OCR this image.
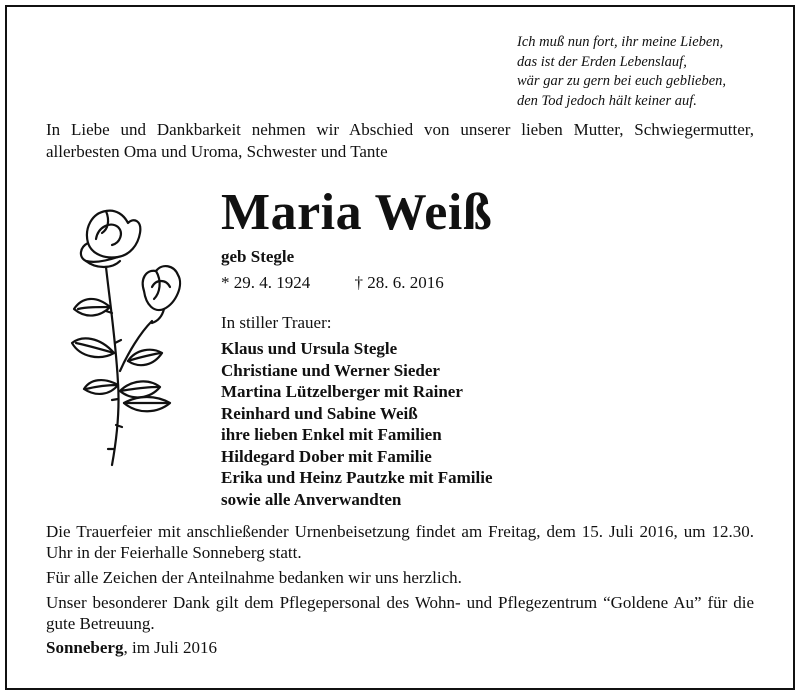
Ich muß nun fort, ihr meine Lieben,
das ist der Erden Lebenslauf,
wär gar zu gern bei euch geblieben,
den Tod jedoch hält keiner auf.
In Liebe und Dankbarkeit nehmen wir Abschied von unserer lieben Mutter, Schwiegermutter, allerbesten Oma und Uroma, Schwester und Tante
Maria Weiß
geb Stegle
* 29. 4. 1924	† 28. 6. 2016
In stiller Trauer:
Klaus und Ursula Stegle
Christiane und Werner Sieder
Martina Lützelberger mit Rainer
Reinhard und Sabine Weiß
ihre lieben Enkel mit Familien
Hildegard Dober mit Familie
Erika und Heinz Pautzke mit Familie
sowie alle Anverwandten

Die Trauerfeier mit anschließender Urnenbeisetzung findet am Freitag, dem 15. Juli 2016, um 12.30. Uhr in der Feierhalle Sonneberg statt.

Für alle Zeichen der Anteilnahme bedanken wir uns herzlich.

Unser besonderer Dank gilt dem Pflegepersonal des Wohn- und Pflegezentrum “Goldene Au” für die gute Betreuung.

Sonneberg, im Juli 2016
